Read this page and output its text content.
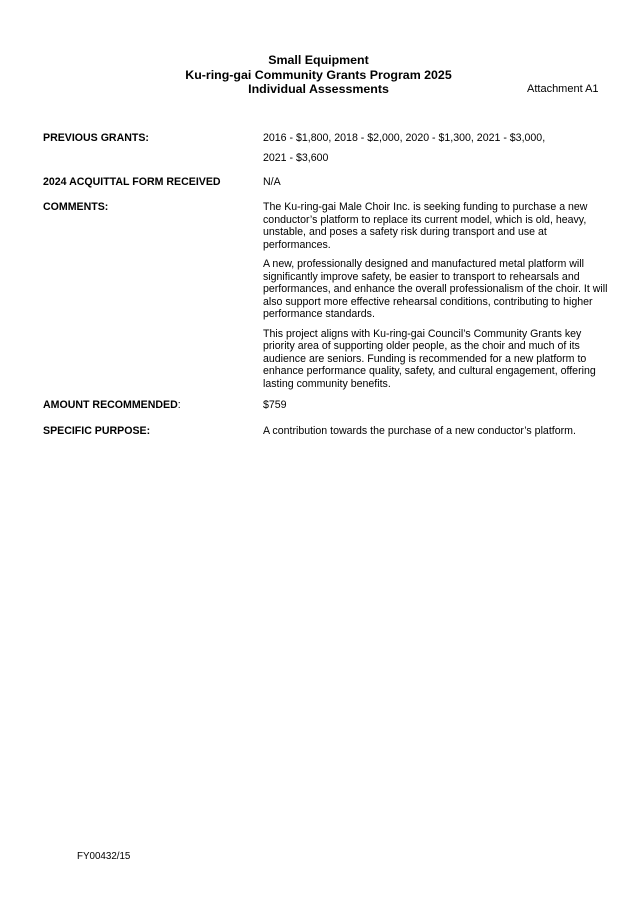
Small Equipment
Ku-ring-gai Community Grants Program 2025
Individual Assessments	Attachment A1
PREVIOUS GRANTS:	2016 - $1,800, 2018 - $2,000, 2020 - $1,300, 2021 - $3,000,
2021 - $3,600
2024 ACQUITTAL FORM RECEIVED	N/A
COMMENTS:	The Ku-ring-gai Male Choir Inc. is seeking funding to purchase a new conductor’s platform to replace its current model, which is old, heavy, unstable, and poses a safety risk during transport and use at performances.

A new, professionally designed and manufactured metal platform will significantly improve safety, be easier to transport to rehearsals and performances, and enhance the overall professionalism of the choir. It will also support more effective rehearsal conditions, contributing to higher performance standards.

This project aligns with Ku-ring-gai Council’s Community Grants key priority area of supporting older people, as the choir and much of its audience are seniors. Funding is recommended for a new platform to enhance performance quality, safety, and cultural engagement, offering lasting community benefits.

AMOUNT RECOMMENDED:	$759
SPECIFIC PURPOSE:	A contribution towards the purchase of a new conductor’s platform.
FY00432/15
